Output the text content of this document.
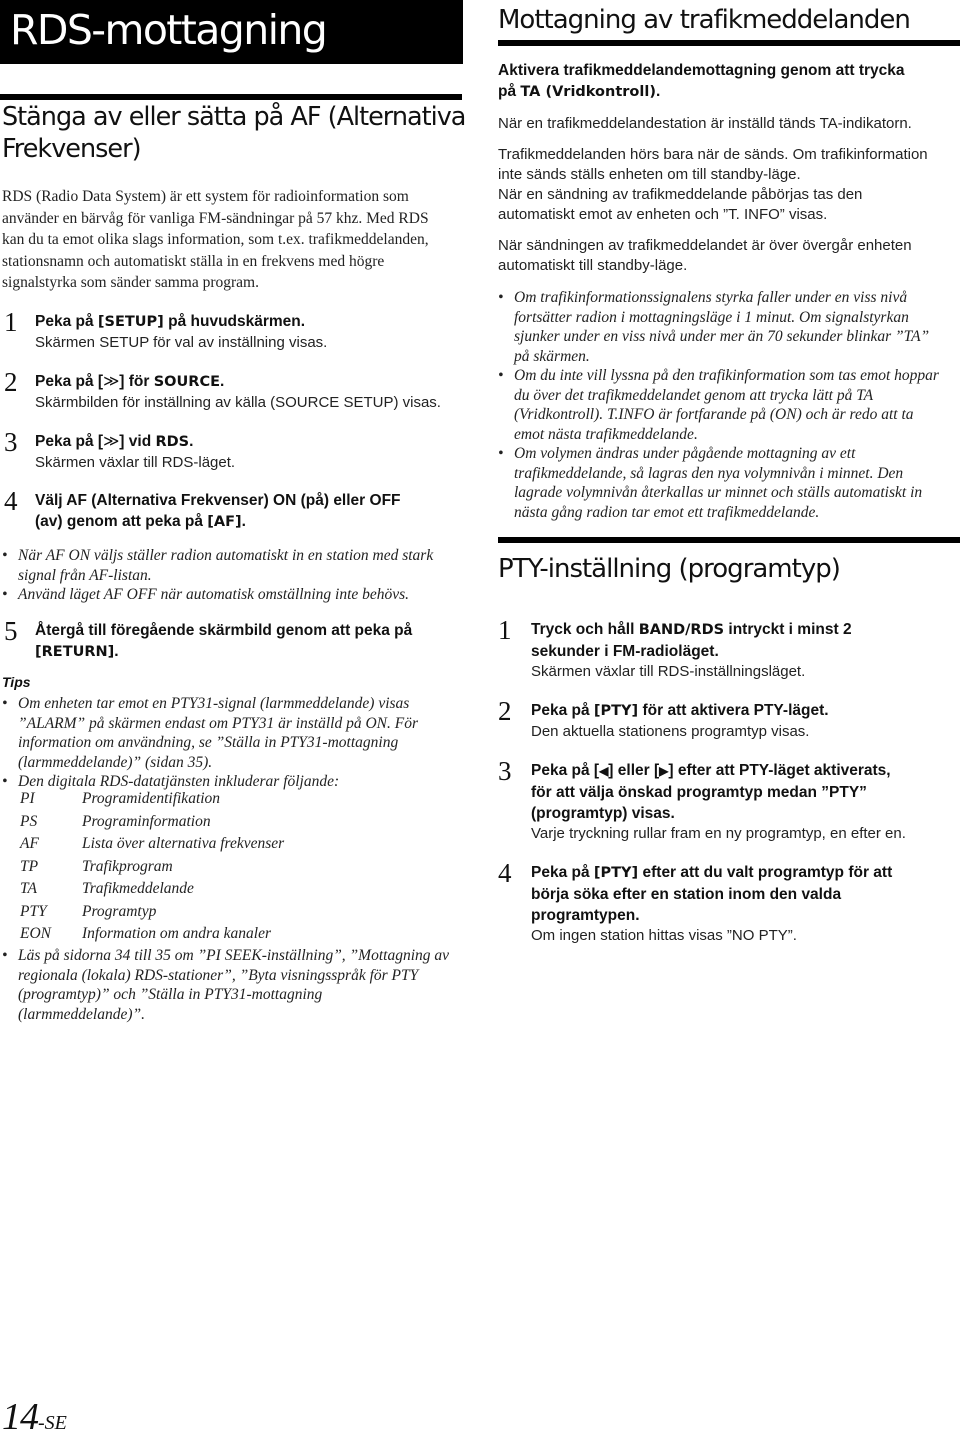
RDS-mottagning
Stänga av eller sätta på AF (Alternativa
Frekvenser)
RDS (Radio Data System) är ett system för radioinformation som
använder en bärvåg för vanliga FM-sändningar på 57 khz. Med RDS
kan du ta emot olika slags information, som t.ex. trafikmeddelanden,
stationsnamn och automatiskt ställa in en frekvens med högre
signalstyrka som sänder samma program.
1 Peka på [SETUP] på huvudskärmen.
Skärmen SETUP för val av inställning visas.
2 Peka på [≫] för SOURCE.
Skärmbilden för inställning av källa (SOURCE SETUP) visas.
3 Peka på [≫] vid RDS.
Skärmen växlar till RDS-läget.
4 Välj AF (Alternativa Frekvenser) ON (på) eller OFF
(av) genom att peka på [AF].
• När AF ON väljs ställer radion automatiskt in en station med stark
signal från AF-listan.
• Använd läget AF OFF när automatisk omställning inte behövs.
5 Återgå till föregående skärmbild genom att peka på
[RETURN].
Tips
• Om enheten tar emot en PTY31-signal (larmmeddelande) visas
”ALARM” på skärmen endast om PTY31 är inställd på ON. För
information om användning, se ”Ställa in PTY31-mottagning
(larmmeddelande)” (sidan 35).
• Den digitala RDS-datatjänsten inkluderar följande:
PI	Programidentifikation
PS	Programinformation
AF	Lista över alternativa frekvenser
TP	Trafikprogram
TA	Trafikmeddelande
PTY	Programtyp
EON	Information om andra kanaler
• Läs på sidorna 34 till 35 om ”PI SEEK-inställning”, ”Mottagning av
regionala (lokala) RDS-stationer”, ”Byta visningsspråk för PTY
(programtyp)” och ”Ställa in PTY31-mottagning
(larmmeddelande)”.
Mottagning av trafikmeddelanden
Aktivera trafikmeddelandemottagning genom att trycka
på TA (Vridkontroll).
När en trafikmeddelandestation är inställd tänds TA-indikatorn.
Trafikmeddelanden hörs bara när de sänds. Om trafikinformation
inte sänds ställs enheten om till standby-läge.
När en sändning av trafikmeddelande påbörjas tas den
automatiskt emot av enheten och ”T. INFO” visas.
När sändningen av trafikmeddelandet är över övergår enheten
automatiskt till standby-läge.
• Om trafikinformationssignalens styrka faller under en viss nivå
fortsätter radion i mottagningsläge i 1 minut. Om signalstyrkan
sjunker under en viss nivå under mer än 70 sekunder blinkar ”TA”
på skärmen.
• Om du inte vill lyssna på den trafikinformation som tas emot hoppar
du över det trafikmeddelandet genom att trycka lätt på TA
(Vridkontroll). T.INFO är fortfarande på (ON) och är redo att ta
emot nästa trafikmeddelande.
• Om volymen ändras under pågående mottagning av ett
trafikmeddelande, så lagras den nya volymnivån i minnet. Den
lagrade volymnivån återkallas ur minnet och ställs automatiskt in
nästa gång radion tar emot ett trafikmeddelande.
PTY-inställning (programtyp)
1 Tryck och håll BAND/RDS intryckt i minst 2
sekunder i FM-radioläget.
Skärmen växlar till RDS-inställningsläget.
2 Peka på [PTY] för att aktivera PTY-läget.
Den aktuella stationens programtyp visas.
3 Peka på [◀] eller [▶] efter att PTY-läget aktiverats,
för att välja önskad programtyp medan ”PTY”
(programtyp) visas.
Varje tryckning rullar fram en ny programtyp, en efter en.
4 Peka på [PTY] efter att du valt programtyp för att
börja söka efter en station inom den valda
programtypen.
Om ingen station hittas visas ”NO PTY”.
14-SE
